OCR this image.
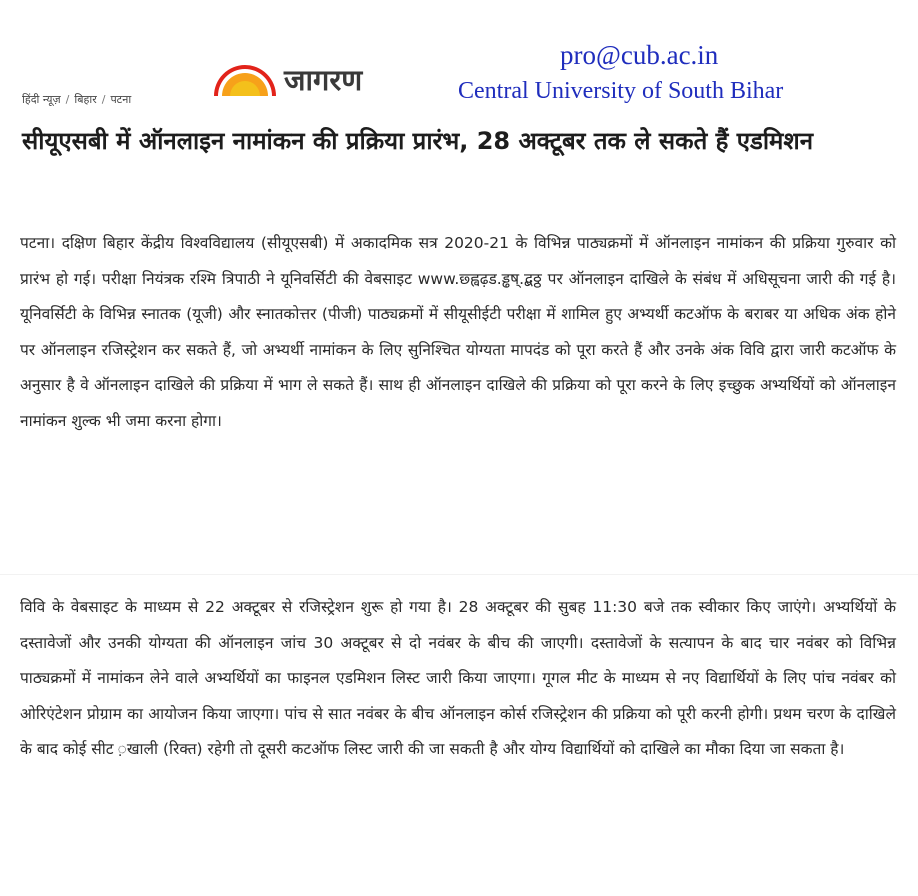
हिंदी न्यूज़ / बिहार / पटना
जागरण
pro@cub.ac.in
Central University of South Bihar
सीयूएसबी में ऑनलाइन नामांकन की प्रक्रिया प्रारंभ, 28 अक्टूबर तक ले सकते हैं एडमिशन

पटना। दक्षिण बिहार केंद्रीय विश्वविद्यालय (सीयूएसबी) में अकादमिक सत्र 2020-21 के विभिन्न पाठ्यक्रमों में ऑनलाइन नामांकन की प्रक्रिया गुरुवार को प्रारंभ हो गई। परीक्षा नियंत्रक रश्मि त्रिपाठी ने यूनिवर्सिटी की वेबसाइट www.छ्ह्वढ़ड.ड्ढष्.द्बठ्ठ पर ऑनलाइन दाखिले के संबंध में अधिसूचना जारी की गई है। यूनिवर्सिटी के विभिन्न स्नातक (यूजी) और स्नातकोत्तर (पीजी) पाठ्यक्रमों में सीयूसीईटी परीक्षा में शामिल हुए अभ्यर्थी कटऑफ के बराबर या अधिक अंक होने पर ऑनलाइन रजिस्ट्रेशन कर सकते हैं, जो अभ्यर्थी नामांकन के लिए सुनिश्चित योग्यता मापदंड को पूरा करते हैं और उनके अंक विवि द्वारा जारी कटऑफ के अनुसार है वे ऑनलाइन दाखिले की प्रक्रिया में भाग ले सकते हैं। साथ ही ऑनलाइन दाखिले की प्रक्रिया को पूरा करने के लिए इच्छुक अभ्यर्थियों को ऑनलाइन नामांकन शुल्क भी जमा करना होगा।

विवि के वेबसाइट के माध्यम से 22 अक्टूबर से रजिस्ट्रेशन शुरू हो गया है। 28 अक्टूबर की सुबह 11:30 बजे तक स्वीकार किए जाएंगे। अभ्यर्थियों के दस्तावेजों और उनकी योग्यता की ऑनलाइन जांच 30 अक्टूबर से दो नवंबर के बीच की जाएगी। दस्तावेजों के सत्यापन के बाद चार नवंबर को विभिन्न पाठ्यक्रमों में नामांकन लेने वाले अभ्यर्थियों का फाइनल एडमिशन लिस्ट जारी किया जाएगा। गूगल मीट के माध्यम से नए विद्यार्थियों के लिए पांच नवंबर को ओरिएंटेशन प्रोग्राम का आयोजन किया जाएगा। पांच से सात नवंबर के बीच ऑनलाइन कोर्स रजिस्ट्रेशन की प्रक्रिया को पूरी करनी होगी। प्रथम चरण के दाखिले के बाद कोई सीट ़खाली (रिक्त) रहेगी तो दूसरी कटऑफ लिस्ट जारी की जा सकती है और योग्य विद्यार्थियों को दाखिले का मौका दिया जा सकता है।
